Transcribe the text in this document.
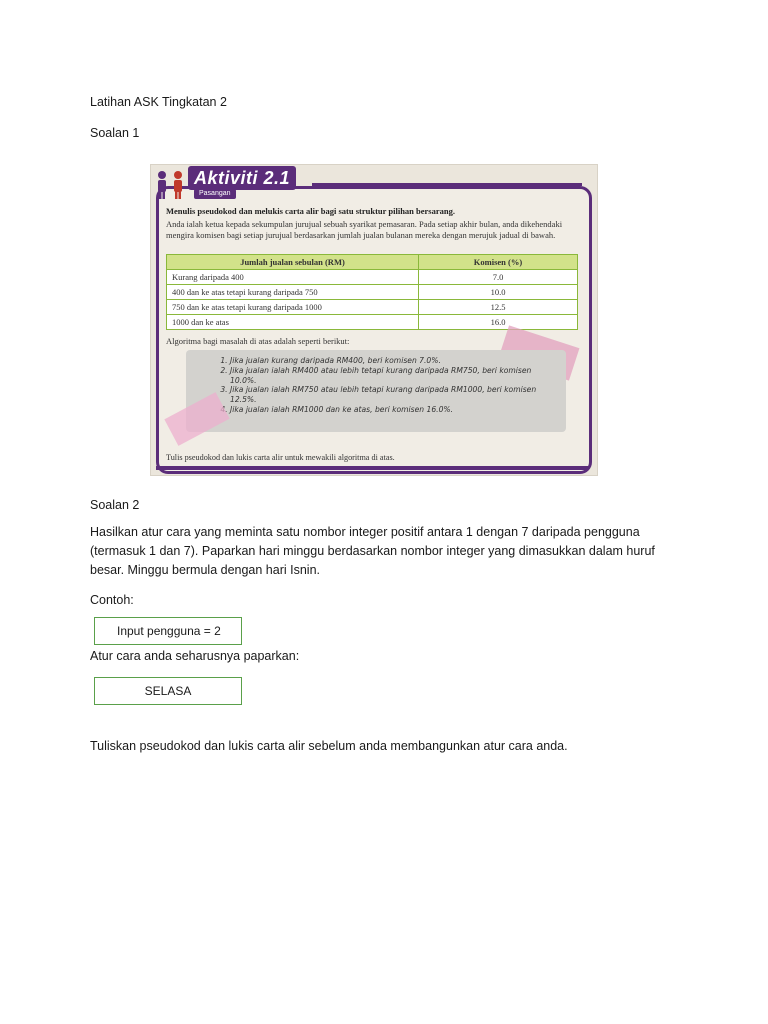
Latihan ASK Tingkatan 2
Soalan 1
Aktiviti 2.1
Pasangan
Menulis pseudokod dan melukis carta alir bagi satu struktur pilihan bersarang.
Anda ialah ketua kepada sekumpulan jurujual sebuah syarikat pemasaran. Pada setiap akhir bulan, anda dikehendaki mengira komisen bagi setiap jurujual berdasarkan jumlah jualan bulanan mereka dengan merujuk jadual di bawah.
Jumlah jualan sebulan (RM)	Komisen (%)
Kurang daripada 400	7.0
400 dan ke atas tetapi kurang daripada 750	10.0
750 dan ke atas tetapi kurang daripada 1000	12.5
1000 dan ke atas	16.0
Algoritma bagi masalah di atas adalah seperti berikut:
1. Jika jualan kurang daripada RM400, beri komisen 7.0%.
2. Jika jualan ialah RM400 atau lebih tetapi kurang daripada RM750, beri komisen 10.0%.
3. Jika jualan ialah RM750 atau lebih tetapi kurang daripada RM1000, beri komisen 12.5%.
4. Jika jualan ialah RM1000 dan ke atas, beri komisen 16.0%.
Tulis pseudokod dan lukis carta alir untuk mewakili algoritma di atas.
Soalan 2
Hasilkan atur cara yang meminta satu nombor integer positif antara 1 dengan 7 daripada pengguna (termasuk 1 dan 7). Paparkan hari minggu berdasarkan nombor integer yang dimasukkan dalam huruf besar. Minggu bermula dengan hari Isnin.
Contoh:
Input pengguna = 2
Atur cara anda seharusnya paparkan:
SELASA
Tuliskan pseudokod dan lukis carta alir sebelum anda membangunkan atur cara anda.
